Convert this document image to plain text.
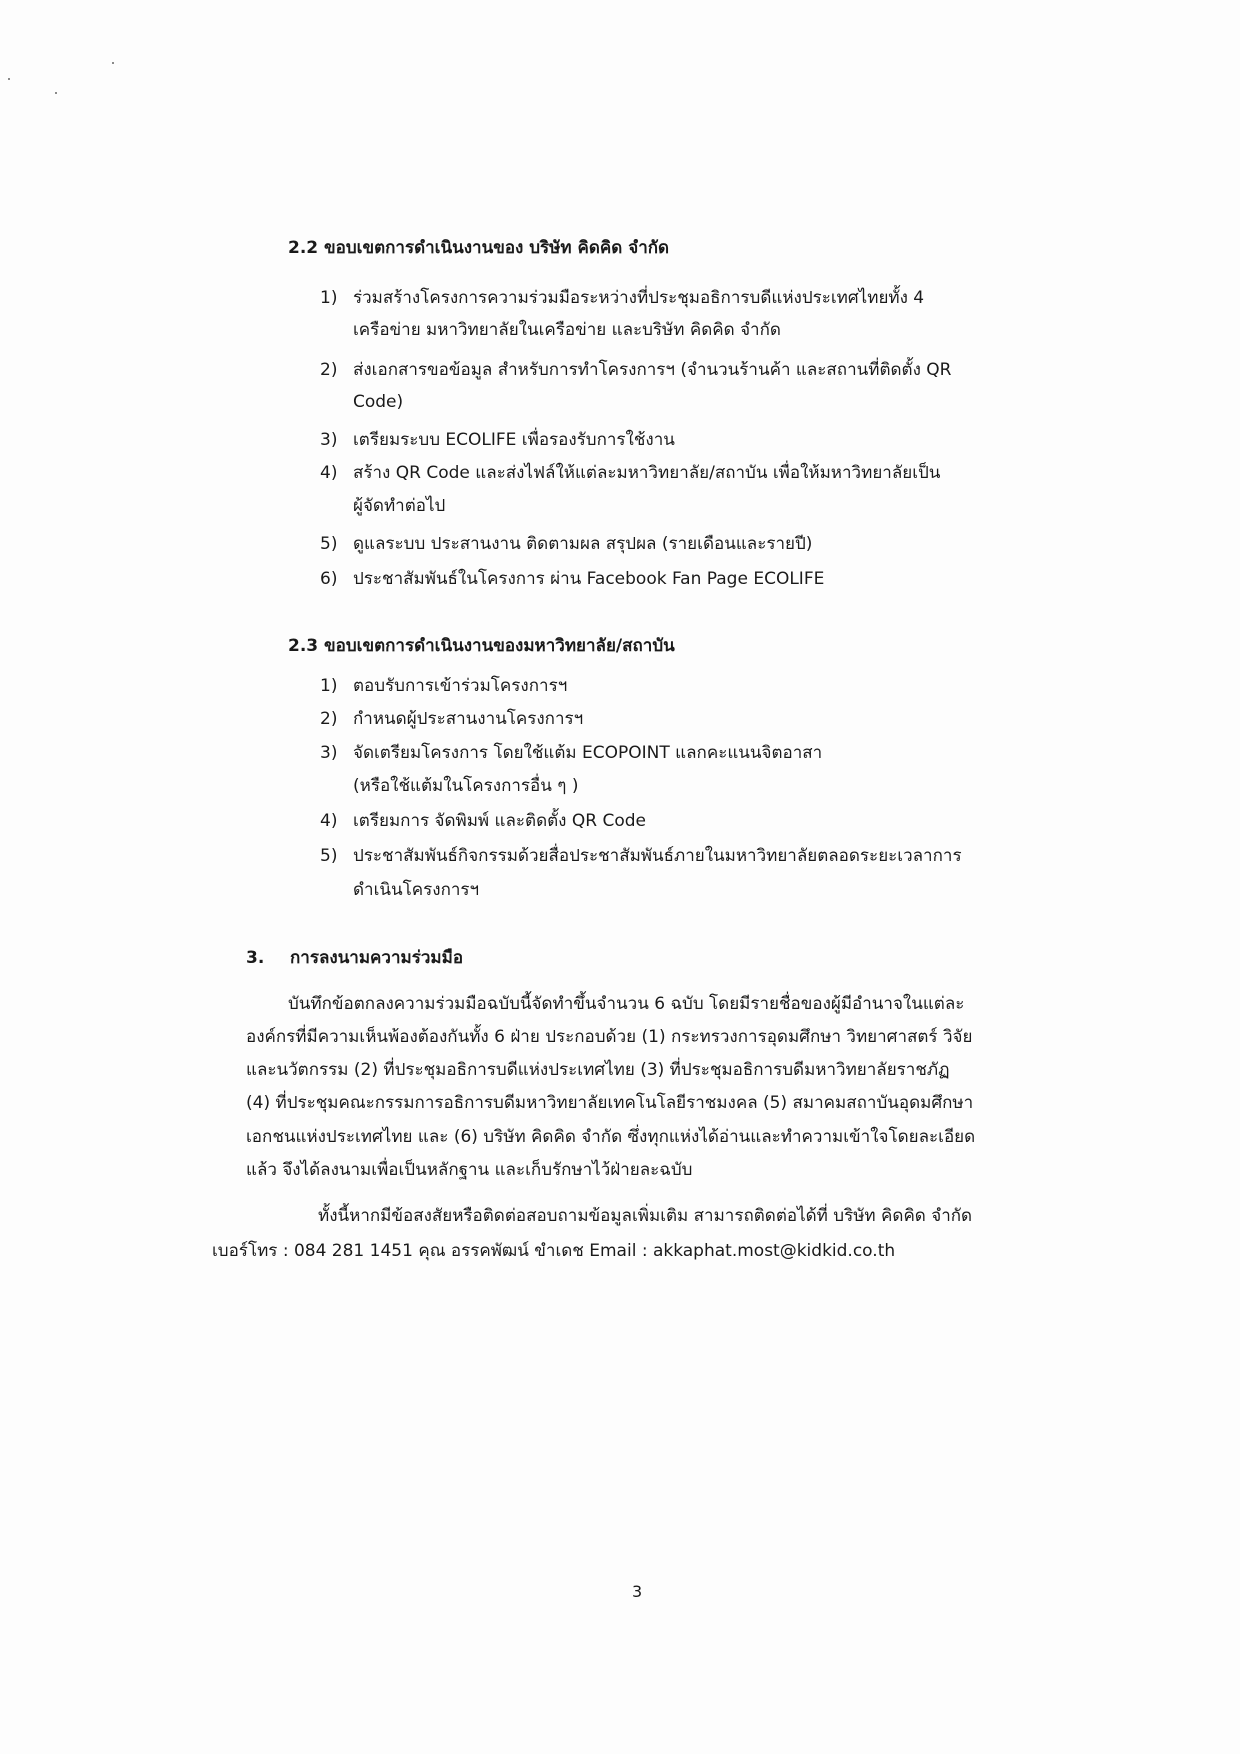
2.2 ขอบเขตการดำเนินงานของ บริษัท คิดคิด จำกัด
1) ร่วมสร้างโครงการความร่วมมือระหว่างที่ประชุมอธิการบดีแห่งประเทศไทยทั้ง 4
เครือข่าย มหาวิทยาลัยในเครือข่าย และบริษัท คิดคิด จำกัด
2) ส่งเอกสารขอข้อมูล สำหรับการทำโครงการฯ (จำนวนร้านค้า และสถานที่ติดตั้ง QR
Code)
3) เตรียมระบบ ECOLIFE เพื่อรองรับการใช้งาน
4) สร้าง QR Code และส่งไฟล์ให้แต่ละมหาวิทยาลัย/สถาบัน เพื่อให้มหาวิทยาลัยเป็น
ผู้จัดทำต่อไป
5) ดูแลระบบ ประสานงาน ติดตามผล สรุปผล (รายเดือนและรายปี)
6) ประชาสัมพันธ์ในโครงการ ผ่าน Facebook Fan Page ECOLIFE
2.3 ขอบเขตการดำเนินงานของมหาวิทยาลัย/สถาบัน
1) ตอบรับการเข้าร่วมโครงการฯ
2) กำหนดผู้ประสานงานโครงการฯ
3) จัดเตรียมโครงการ โดยใช้แต้ม ECOPOINT แลกคะแนนจิตอาสา
(หรือใช้แต้มในโครงการอื่น ๆ )
4) เตรียมการ จัดพิมพ์ และติดตั้ง QR Code
5) ประชาสัมพันธ์กิจกรรมด้วยสื่อประชาสัมพันธ์ภายในมหาวิทยาลัยตลอดระยะเวลาการ
ดำเนินโครงการฯ
3. การลงนามความร่วมมือ
บันทึกข้อตกลงความร่วมมือฉบับนี้จัดทำขึ้นจำนวน 6 ฉบับ โดยมีรายชื่อของผู้มีอำนาจในแต่ละ
องค์กรที่มีความเห็นพ้องต้องกันทั้ง 6 ฝ่าย ประกอบด้วย (1) กระทรวงการอุดมศึกษา วิทยาศาสตร์ วิจัย
และนวัตกรรม (2) ที่ประชุมอธิการบดีแห่งประเทศไทย (3) ที่ประชุมอธิการบดีมหาวิทยาลัยราชภัฏ
(4) ที่ประชุมคณะกรรมการอธิการบดีมหาวิทยาลัยเทคโนโลยีราชมงคล (5) สมาคมสถาบันอุดมศึกษา
เอกชนแห่งประเทศไทย และ (6) บริษัท คิดคิด จำกัด ซึ่งทุกแห่งได้อ่านและทำความเข้าใจโดยละเอียด
แล้ว จึงได้ลงนามเพื่อเป็นหลักฐาน และเก็บรักษาไว้ฝ่ายละฉบับ
ทั้งนี้หากมีข้อสงสัยหรือติดต่อสอบถามข้อมูลเพิ่มเติม สามารถติดต่อได้ที่ บริษัท คิดคิด จำกัด
เบอร์โทร : 084 281 1451 คุณ อรรคพัฒน์ ขำเดช Email : akkaphat.most@kidkid.co.th
3
